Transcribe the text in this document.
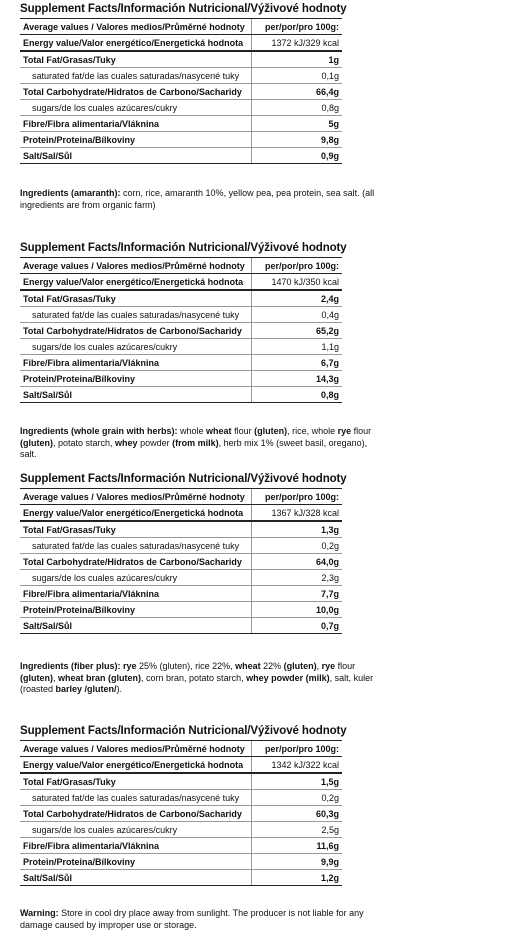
Supplement Facts/Información Nutricional/Výživové hodnoty
Average values / Valores medios/Průměrné hodnoty	per/por/pro 100g:
Energy value/Valor energético/Energetická hodnota	1372 kJ/329 kcal
Total Fat/Grasas/Tuky	1g
saturated fat/de las cuales saturadas/nasycené tuky	0,1g
Total Carbohydrate/Hidratos de Carbono/Sacharidy	66,4g
sugars/de los cuales azúcares/cukry	0,8g
Fibre/Fibra alimentaria/Vláknina	5g
Protein/Proteina/Bílkoviny	9,8g
Salt/Sal/Sůl	0,9g
Ingredients (amaranth): corn, rice, amaranth 10%, yellow pea, pea protein, sea salt. (all ingredients are from organic farm)
Supplement Facts/Información Nutricional/Výživové hodnoty
Average values / Valores medios/Průměrné hodnoty	per/por/pro 100g:
Energy value/Valor energético/Energetická hodnota	1470 kJ/350 kcal
Total Fat/Grasas/Tuky	2,4g
saturated fat/de las cuales saturadas/nasycené tuky	0,4g
Total Carbohydrate/Hidratos de Carbono/Sacharidy	65,2g
sugars/de los cuales azúcares/cukry	1,1g
Fibre/Fibra alimentaria/Vláknina	6,7g
Protein/Proteina/Bílkoviny	14,3g
Salt/Sal/Sůl	0,8g
Ingredients (whole grain with herbs): whole wheat flour (gluten), rice, whole rye flour (gluten), potato starch, whey powder (from milk), herb mix 1% (sweet basil, oregano), salt.
Supplement Facts/Información Nutricional/Výživové hodnoty
Average values / Valores medios/Průměrné hodnoty	per/por/pro 100g:
Energy value/Valor energético/Energetická hodnota	1367 kJ/328 kcal
Total Fat/Grasas/Tuky	1,3g
saturated fat/de las cuales saturadas/nasycené tuky	0,2g
Total Carbohydrate/Hidratos de Carbono/Sacharidy	64,0g
sugars/de los cuales azúcares/cukry	2,3g
Fibre/Fibra alimentaria/Vláknina	7,7g
Protein/Proteina/Bílkoviny	10,0g
Salt/Sal/Sůl	0,7g
Ingredients (fiber plus): rye 25% (gluten), rice 22%, wheat 22% (gluten), rye flour (gluten), wheat bran (gluten), corn bran, potato starch, whey powder (milk), salt, kuler (roasted barley /gluten/).
Supplement Facts/Información Nutricional/Výživové hodnoty
Average values / Valores medios/Průměrné hodnoty	per/por/pro 100g:
Energy value/Valor energético/Energetická hodnota	1342 kJ/322 kcal
Total Fat/Grasas/Tuky	1,5g
saturated fat/de las cuales saturadas/nasycené tuky	0,2g
Total Carbohydrate/Hidratos de Carbono/Sacharidy	60,3g
sugars/de los cuales azúcares/cukry	2,5g
Fibre/Fibra alimentaria/Vláknina	11,6g
Protein/Proteina/Bílkoviny	9,9g
Salt/Sal/Sůl	1,2g
Warning: Store in cool dry place away from sunlight. The producer is not liable for any damage caused by improper use or storage.
